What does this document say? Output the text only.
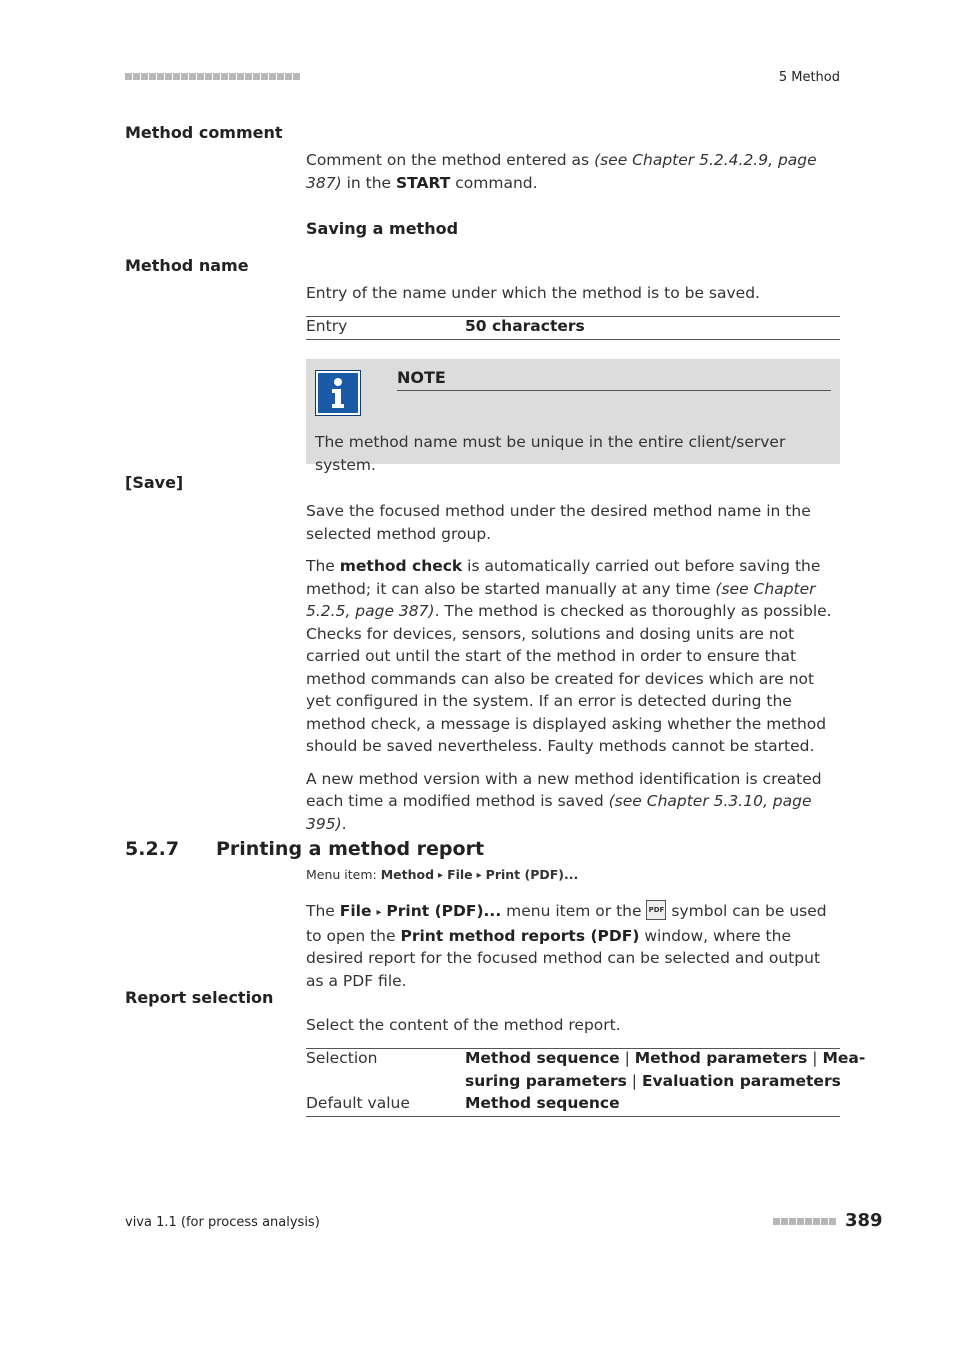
5 Method
Method comment
Comment on the method entered as (see Chapter 5.2.4.2.9, page 387) in the START command.
Saving a method
Method name
Entry of the name under which the method is to be saved.
Entry	50 characters
NOTE
The method name must be unique in the entire client/server system.
[Save]

Save the focused method under the desired method name in the selected method group.

The method check is automatically carried out before saving the method; it can also be started manually at any time (see Chapter 5.2.5, page 387). The method is checked as thoroughly as possible. Checks for devices, sensors, solutions and dosing units are not carried out until the start of the method in order to ensure that method commands can also be created for devices which are not yet configured in the system. If an error is detected during the method check, a message is displayed asking whether the method should be saved nevertheless. Faulty methods cannot be started.

A new method version with a new method identification is created each time a modified method is saved (see Chapter 5.3.10, page 395).

5.2.7 Printing a method report
Menu item: Method ▸ File ▸ Print (PDF)...
The File ▸ Print (PDF)... menu item or the PDF symbol can be used to open the Print method reports (PDF) window, where the desired report for the focused method can be selected and output as a PDF file.
Report selection
Select the content of the method report.
Selection	Method sequence | Method parameters | Mea-
suring parameters | Evaluation parameters
Default value	Method sequence
viva 1.1 (for process analysis)	389
